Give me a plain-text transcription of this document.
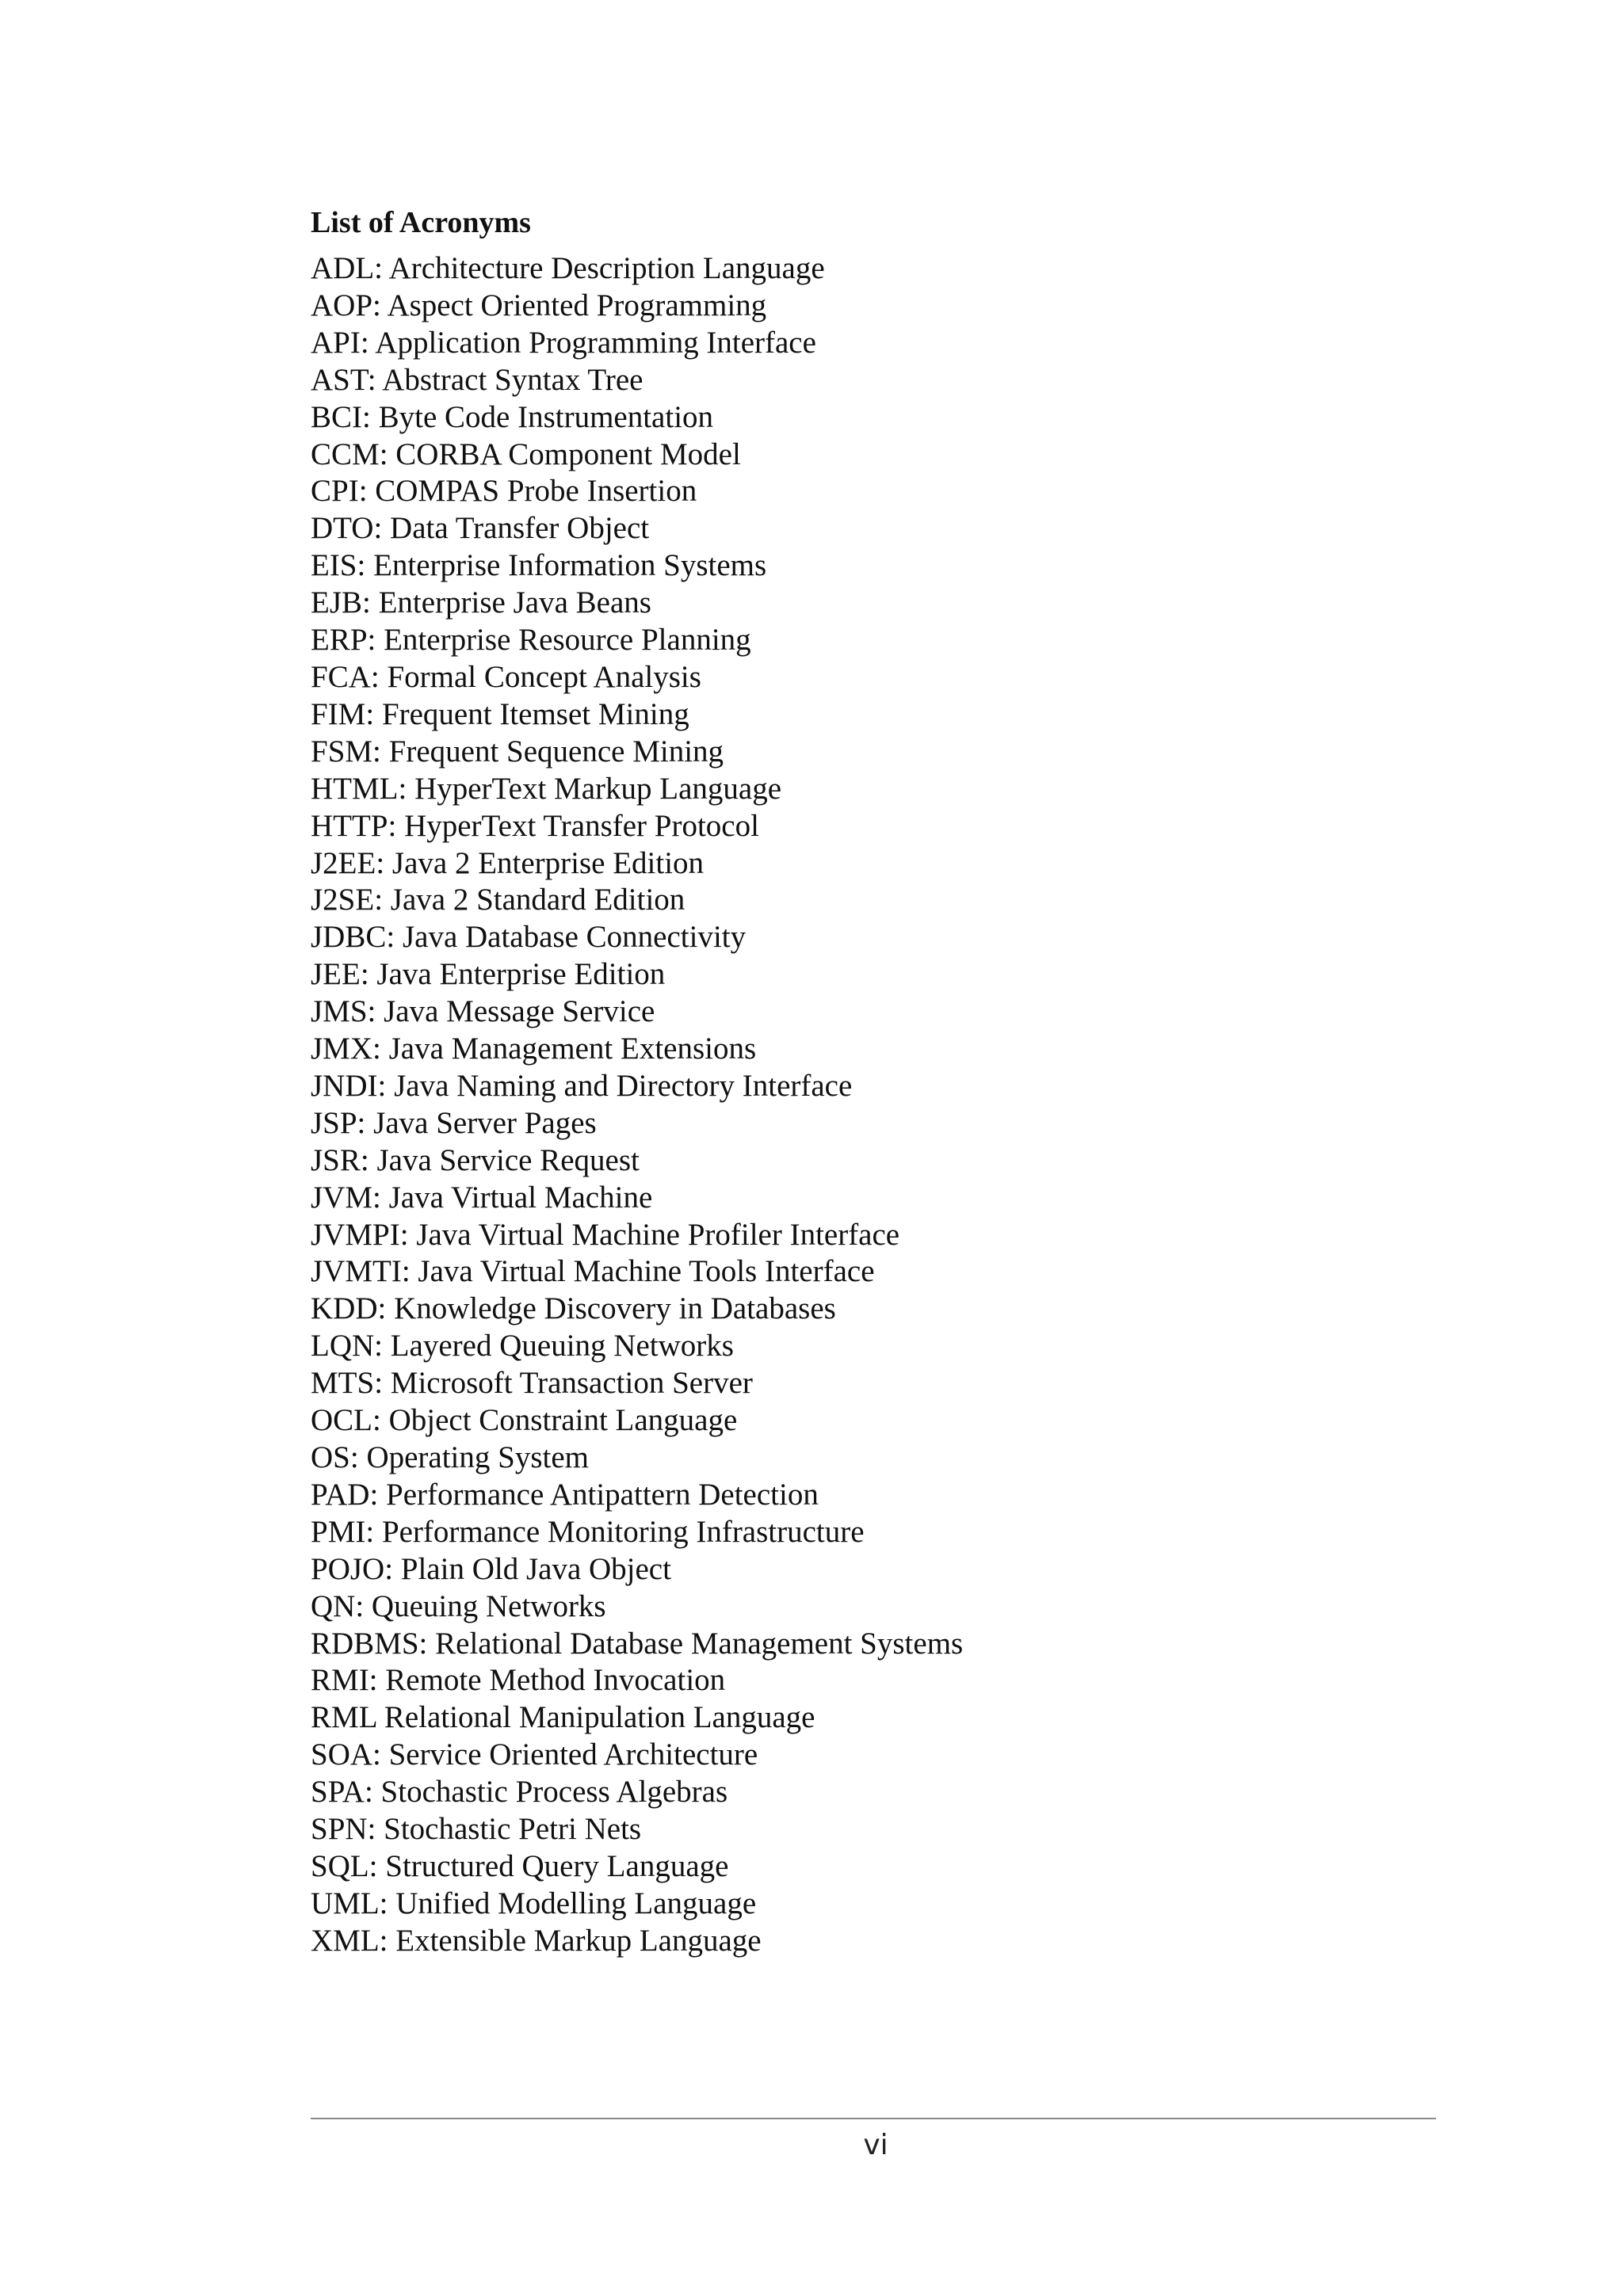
List of Acronyms
ADL: Architecture Description Language
AOP: Aspect Oriented Programming
API: Application Programming Interface
AST: Abstract Syntax Tree
BCI: Byte Code Instrumentation
CCM: CORBA Component Model
CPI: COMPAS Probe Insertion
DTO: Data Transfer Object
EIS: Enterprise Information Systems
EJB: Enterprise Java Beans
ERP: Enterprise Resource Planning
FCA: Formal Concept Analysis
FIM: Frequent Itemset Mining
FSM: Frequent Sequence Mining
HTML: HyperText Markup Language
HTTP: HyperText Transfer Protocol
J2EE: Java 2 Enterprise Edition
J2SE: Java 2 Standard Edition
JDBC: Java Database Connectivity
JEE: Java Enterprise Edition
JMS: Java Message Service
JMX: Java Management Extensions
JNDI: Java Naming and Directory Interface
JSP: Java Server Pages
JSR: Java Service Request
JVM: Java Virtual Machine
JVMPI: Java Virtual Machine Profiler Interface
JVMTI: Java Virtual Machine Tools Interface
KDD: Knowledge Discovery in Databases
LQN: Layered Queuing Networks
MTS: Microsoft Transaction Server
OCL: Object Constraint Language
OS: Operating System
PAD: Performance Antipattern Detection
PMI: Performance Monitoring Infrastructure
POJO: Plain Old Java Object
QN: Queuing Networks
RDBMS: Relational Database Management Systems
RMI: Remote Method Invocation
RML Relational Manipulation Language
SOA: Service Oriented Architecture
SPA: Stochastic Process Algebras
SPN: Stochastic Petri Nets
SQL: Structured Query Language
UML: Unified Modelling Language
XML: Extensible Markup Language
vi
